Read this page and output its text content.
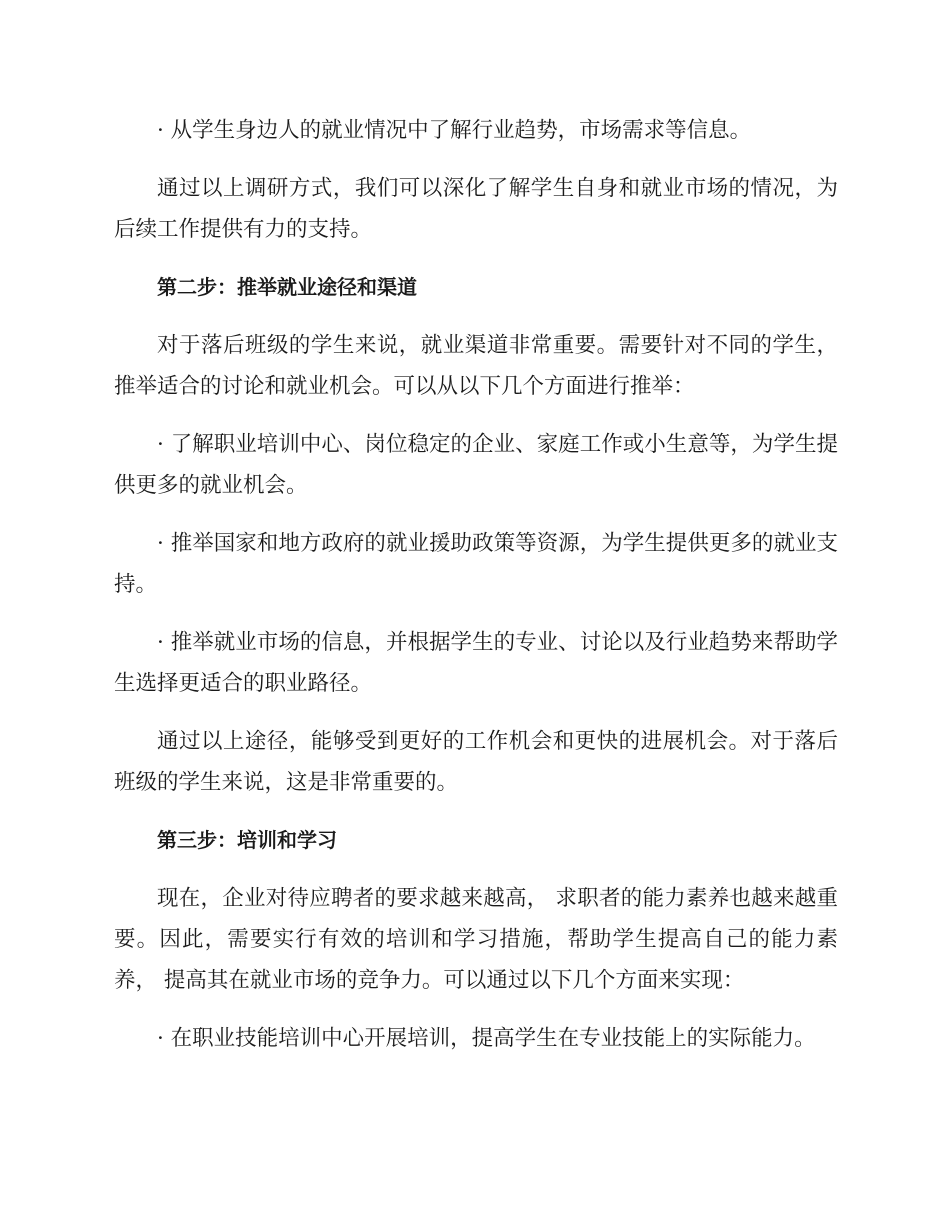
· 从学生身边人的就业情况中了解行业趋势，市场需求等信息。

通过以上调研方式，我们可以深化了解学生自身和就业市场的情况，为后续工作提供有力的支持。

第二步：推举就业途径和渠道

对于落后班级的学生来说，就业渠道非常重要。需要针对不同的学生，推举适合的讨论和就业机会。可以从以下几个方面进行推举：

· 了解职业培训中心、岗位稳定的企业、家庭工作或小生意等，为学生提供更多的就业机会。

· 推举国家和地方政府的就业援助政策等资源，为学生提供更多的就业支持。

· 推举就业市场的信息，并根据学生的专业、讨论以及行业趋势来帮助学生选择更适合的职业路径。

通过以上途径，能够受到更好的工作机会和更快的进展机会。对于落后班级的学生来说，这是非常重要的。

第三步：培训和学习

现在，企业对待应聘者的要求越来越高， 求职者的能力素养也越来越重要。因此，需要实行有效的培训和学习措施，帮助学生提高自己的能力素养， 提高其在就业市场的竞争力。可以通过以下几个方面来实现：

· 在职业技能培训中心开展培训，提高学生在专业技能上的实际能力。
